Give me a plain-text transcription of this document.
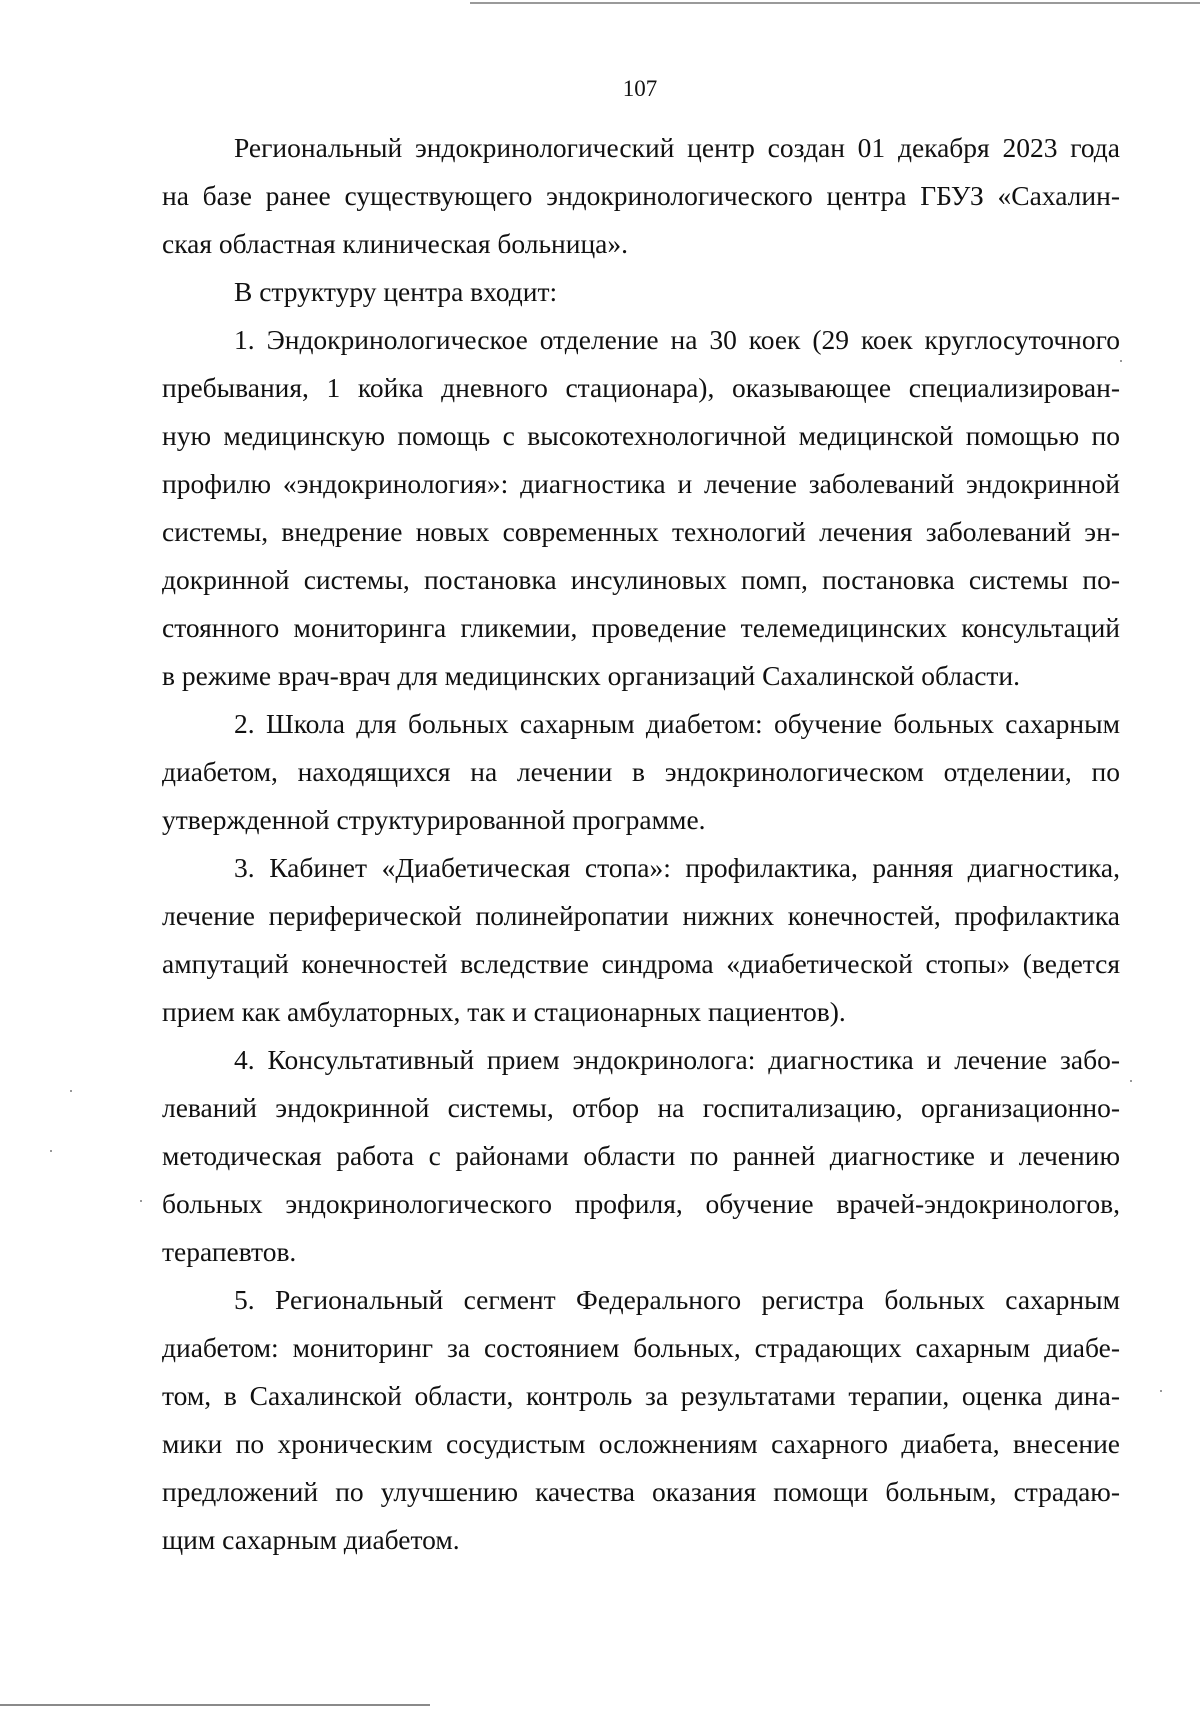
107
Региональный эндокринологический центр создан 01 декабря 2023 года
на базе ранее существующего эндокринологического центра ГБУЗ «Сахалин-
ская областная клиническая больница».
В структуру центра входит:
1. Эндокринологическое отделение на 30 коек (29 коек круглосуточного
пребывания, 1 койка дневного стационара), оказывающее специализирован-
ную медицинскую помощь с высокотехнологичной медицинской помощью по
профилю «эндокринология»: диагностика и лечение заболеваний эндокринной
системы, внедрение новых современных технологий лечения заболеваний эн-
докринной системы, постановка инсулиновых помп, постановка системы по-
стоянного мониторинга гликемии, проведение телемедицинских консультаций
в режиме врач-врач для медицинских организаций Сахалинской области.
2. Школа для больных сахарным диабетом: обучение больных сахарным
диабетом, находящихся на лечении в эндокринологическом отделении, по
утвержденной структурированной программе.
3. Кабинет «Диабетическая стопа»: профилактика, ранняя диагностика,
лечение периферической полинейропатии нижних конечностей, профилактика
ампутаций конечностей вследствие синдрома «диабетической стопы» (ведется
прием как амбулаторных, так и стационарных пациентов).
4. Консультативный прием эндокринолога: диагностика и лечение забо-
леваний эндокринной системы, отбор на госпитализацию, организационно-
методическая работа с районами области по ранней диагностике и лечению
больных эндокринологического профиля, обучение врачей-эндокринологов,
терапевтов.
5. Региональный сегмент Федерального регистра больных сахарным
диабетом: мониторинг за состоянием больных, страдающих сахарным диабе-
том, в Сахалинской области, контроль за результатами терапии, оценка дина-
мики по хроническим сосудистым осложнениям сахарного диабета, внесение
предложений по улучшению качества оказания помощи больным, страдаю-
щим сахарным диабетом.
